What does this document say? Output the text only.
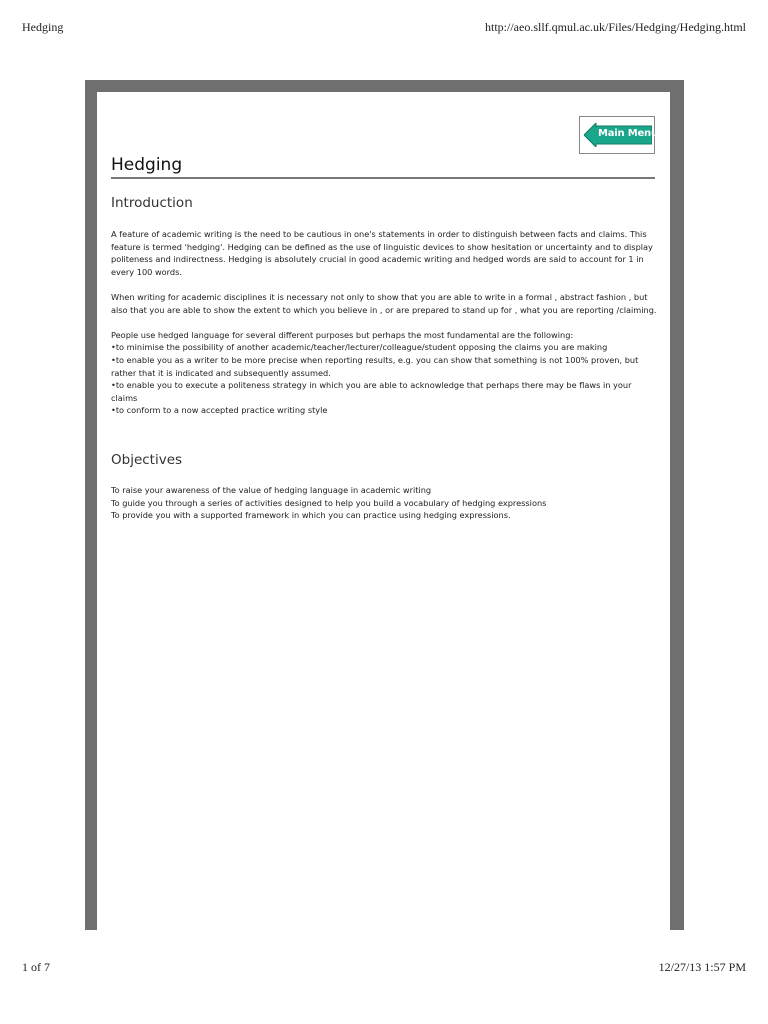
Hedging	http://aeo.sllf.qmul.ac.uk/Files/Hedging/Hedging.html
Main Menu
Hedging
Introduction

A feature of academic writing is the need to be cautious in one's statements in order to distinguish between facts and claims. This feature is termed 'hedging'. Hedging can be defined as the use of linguistic devices to show hesitation or uncertainty and to display politeness and indirectness. Hedging is absolutely crucial in good academic writing and hedged words are said to account for 1 in every 100 words.

When writing for academic disciplines it is necessary not only to show that you are able to write in a formal , abstract fashion , but also that you are able to show the extent to which you believe in , or are prepared to stand up for , what you are reporting /claiming.

People use hedged language for several different purposes but perhaps the most fundamental are the following:
• to minimise the possibility of another academic/teacher/lecturer/colleague/student opposing the claims you are making
• to enable you as a writer to be more precise when reporting results, e.g. you can show that something is not 100% proven, but rather that it is indicated and subsequently assumed.
• to enable you to execute a politeness strategy in which you are able to acknowledge that perhaps there may be flaws in your claims
• to conform to a now accepted practice writing style
Objectives
To raise your awareness of the value of hedging language in academic writing
To guide you through a series of activities designed to help you build a vocabulary of hedging expressions
To provide you with a supported framework in which you can practice using hedging expressions.
1 of 7	12/27/13 1:57 PM
